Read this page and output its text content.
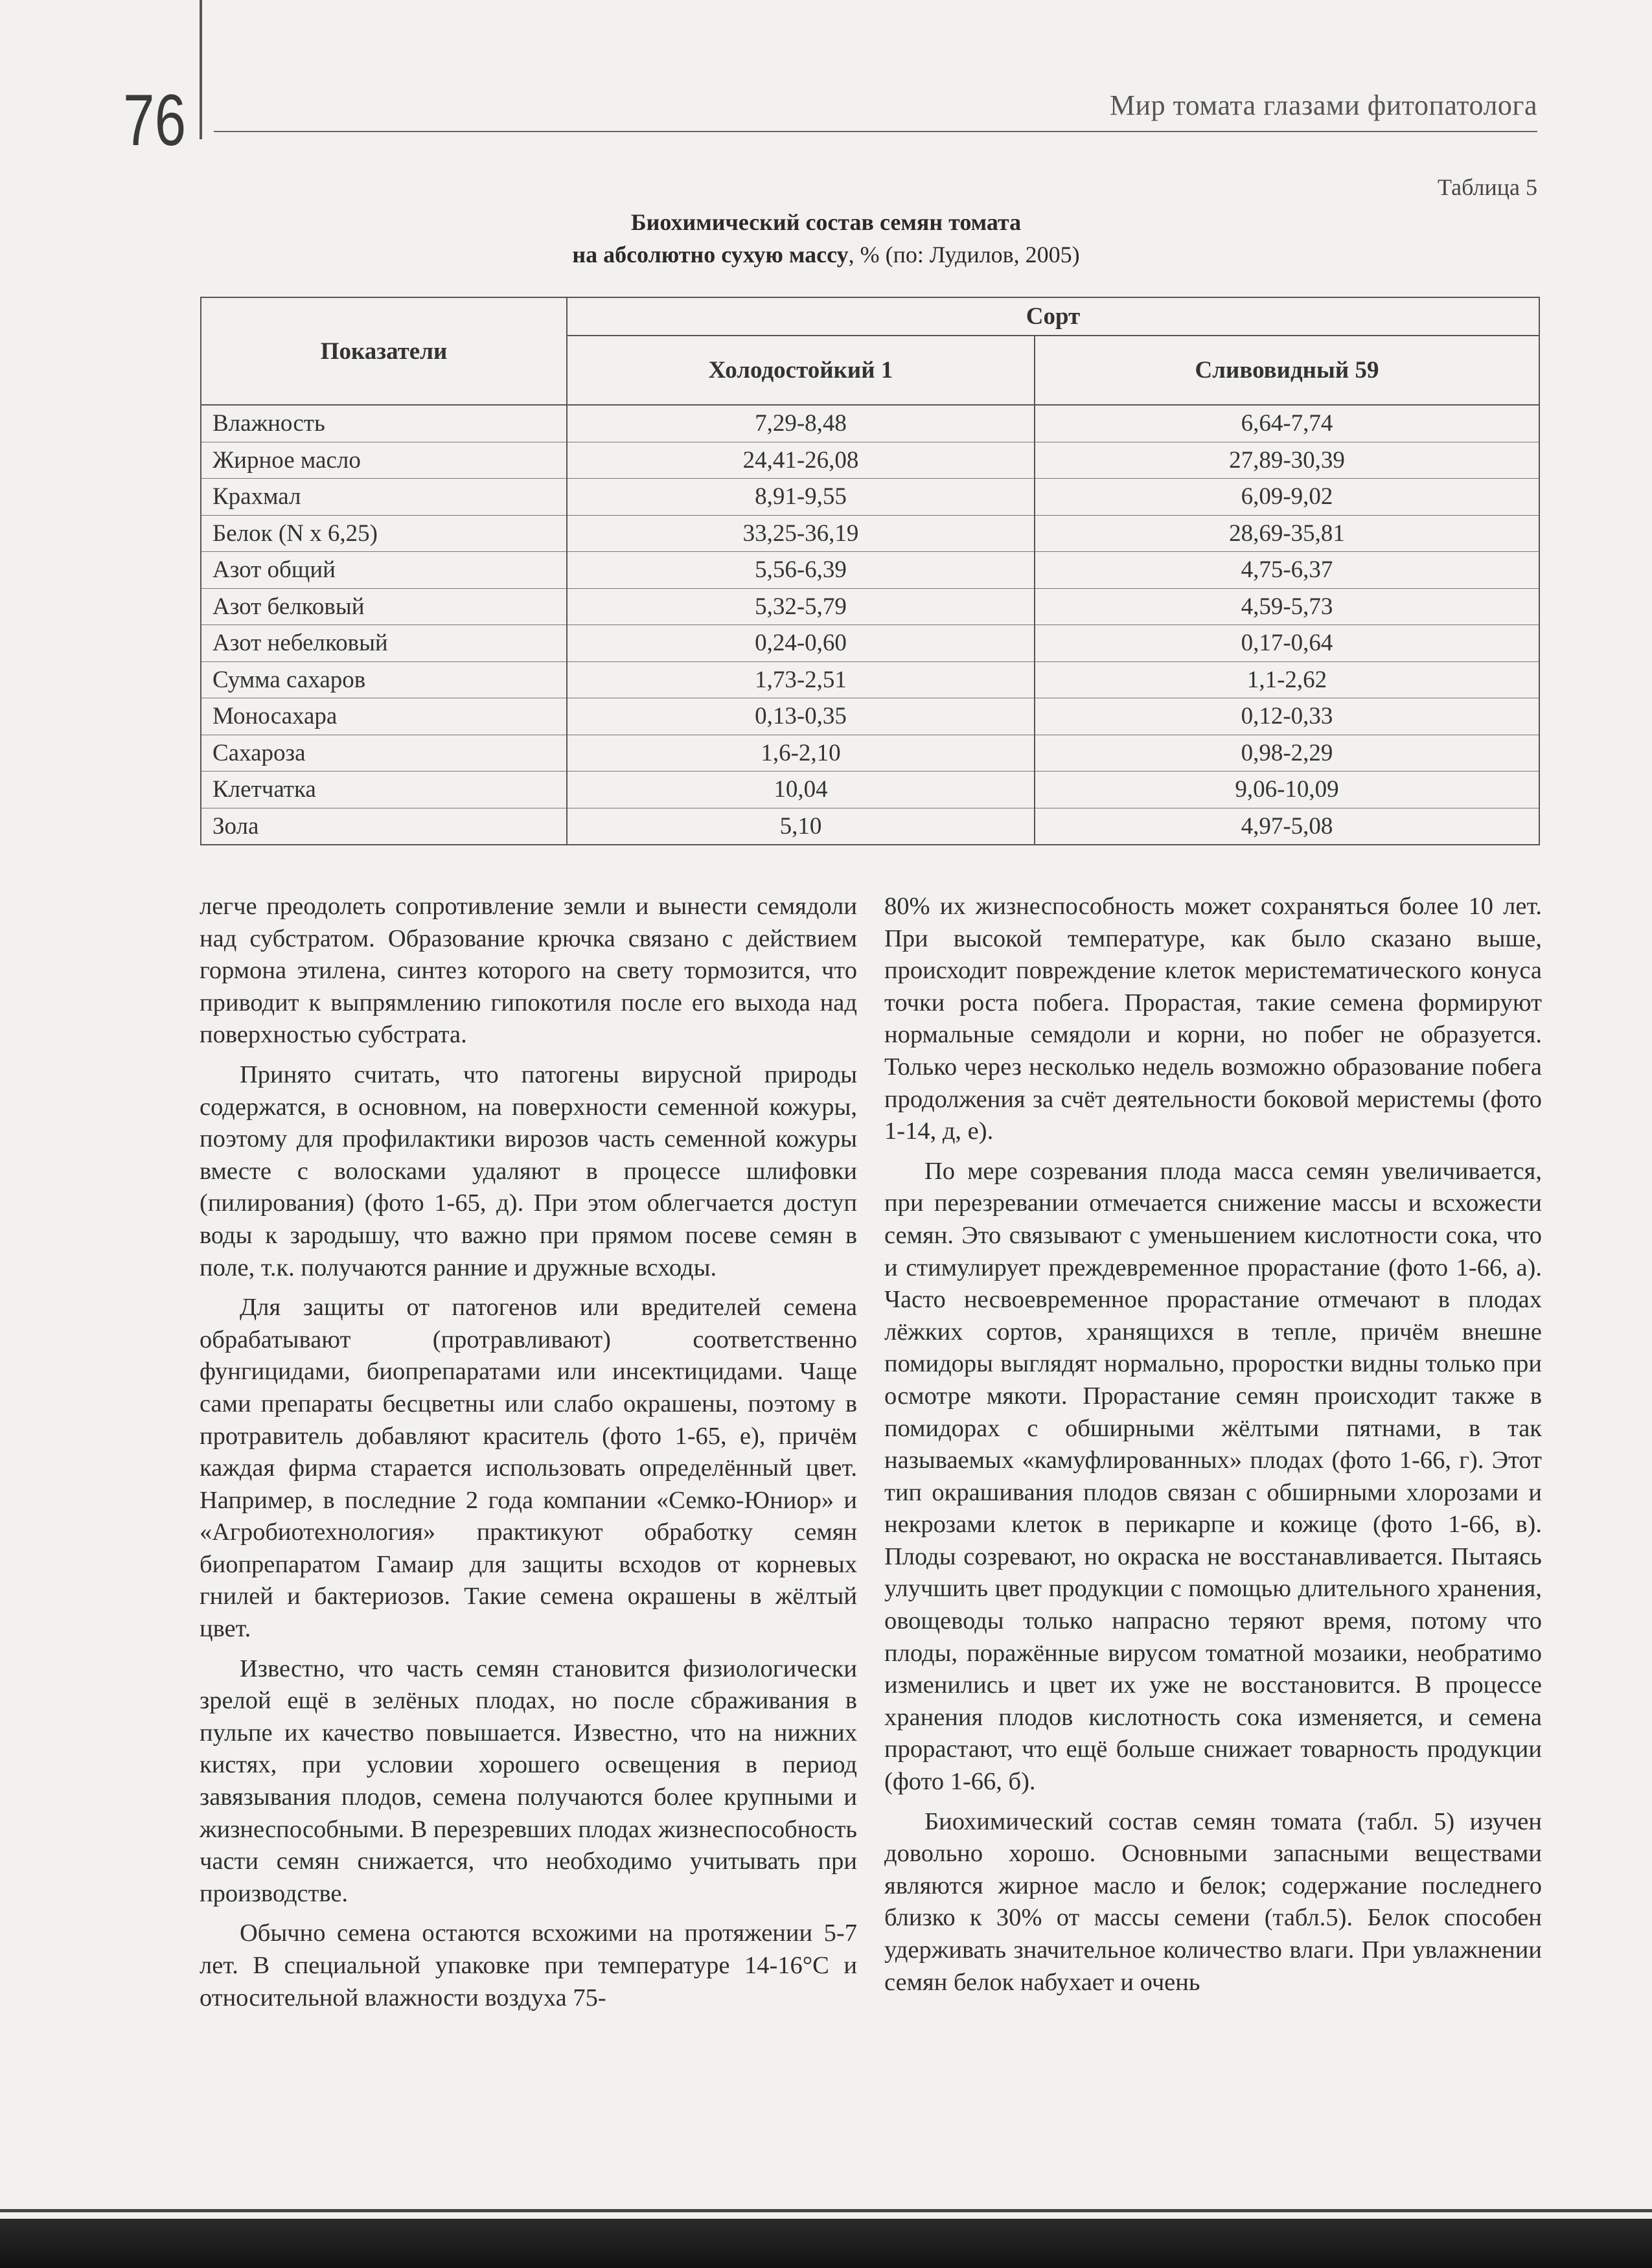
76	Мир томата глазами фитопатолога
Таблица 5
Биохимический состав семян томата
на абсолютно сухую массу, % (по: Лудилов, 2005)
Показатели	Сорт	
	Холодостойкий 1	Сливовидный 59
Влажность	7,29-8,48	6,64-7,74
Жирное масло	24,41-26,08	27,89-30,39
Крахмал	8,91-9,55	6,09-9,02
Белок (N х 6,25)	33,25-36,19	28,69-35,81
Азот общий	5,56-6,39	4,75-6,37
Азот белковый	5,32-5,79	4,59-5,73
Азот небелковый	0,24-0,60	0,17-0,64
Сумма сахаров	1,73-2,51	1,1-2,62
Моносахара	0,13-0,35	0,12-0,33
Сахароза	1,6-2,10	0,98-2,29
Клетчатка	10,04	9,06-10,09
Зола	5,10	4,97-5,08

легче преодолеть сопротивление земли и вынести семядоли над субстратом. Образование крючка связано с действием гормона этилена, синтез которого на свету тормозится, что приводит к выпрямлению гипокотиля после его выхода над поверхностью субстрата.

Принято считать, что патогены вирусной природы содержатся, в основном, на поверхности семенной кожуры, поэтому для профилактики вирозов часть семенной кожуры вместе с волосками удаляют в процессе шлифовки (пилирования) (фото 1-65, д). При этом облегчается доступ воды к зародышу, что важно при прямом посеве семян в поле, т.к. получаются ранние и дружные всходы.

Для защиты от патогенов или вредителей семена обрабатывают (протравливают) соответственно фунгицидами, биопрепаратами или инсектицидами. Чаще сами препараты бесцветны или слабо окрашены, поэтому в протравитель добавляют краситель (фото 1-65, е), причём каждая фирма старается использовать определённый цвет. Например, в последние 2 года компании «Семко-Юниор» и «Агробиотехнология» практикуют обработку семян биопрепаратом Гамаир для защиты всходов от корневых гнилей и бактериозов. Такие семена окрашены в жёлтый цвет.

Известно, что часть семян становится физиологически зрелой ещё в зелёных плодах, но после сбраживания в пульпе их качество повышается. Известно, что на нижних кистях, при условии хорошего освещения в период завязывания плодов, семена получаются более крупными и жизнеспособными. В перезревших плодах жизнеспособность части семян снижается, что необходимо учитывать при производстве.

Обычно семена остаются всхожими на протяжении 5-7 лет. В специальной упаковке при температуре 14-16°С и относительной влажности воздуха 75-

80% их жизнеспособность может сохраняться более 10 лет. При высокой температуре, как было сказано выше, происходит повреждение клеток меристематического конуса точки роста побега. Прорастая, такие семена формируют нормальные семядоли и корни, но побег не образуется. Только через несколько недель возможно образование побега продолжения за счёт деятельности боковой меристемы (фото 1-14, д, е).

По мере созревания плода масса семян увеличивается, при перезревании отмечается снижение массы и всхожести семян. Это связывают с уменьшением кислотности сока, что и стимулирует преждевременное прорастание (фото 1-66, а). Часто несвоевременное прорастание отмечают в плодах лёжких сортов, хранящихся в тепле, причём внешне помидоры выглядят нормально, проростки видны только при осмотре мякоти. Прорастание семян происходит также в помидорах с обширными жёлтыми пятнами, в так называемых «камуфлированных» плодах (фото 1-66, г). Этот тип окрашивания плодов связан с обширными хлорозами и некрозами клеток в перикарпе и кожице (фото 1-66, в). Плоды созревают, но окраска не восстанавливается. Пытаясь улучшить цвет продукции с помощью длительного хранения, овощеводы только напрасно теряют время, потому что плоды, поражённые вирусом томатной мозаики, необратимо изменились и цвет их уже не восстановится. В процессе хранения плодов кислотность сока изменяется, и семена прорастают, что ещё больше снижает товарность продукции (фото 1-66, б).

Биохимический состав семян томата (табл. 5) изучен довольно хорошо. Основными запасными веществами являются жирное масло и белок; содержание последнего близко к 30% от массы семени (табл.5). Белок способен удерживать значительное количество влаги. При увлажнении семян белок набухает и очень
